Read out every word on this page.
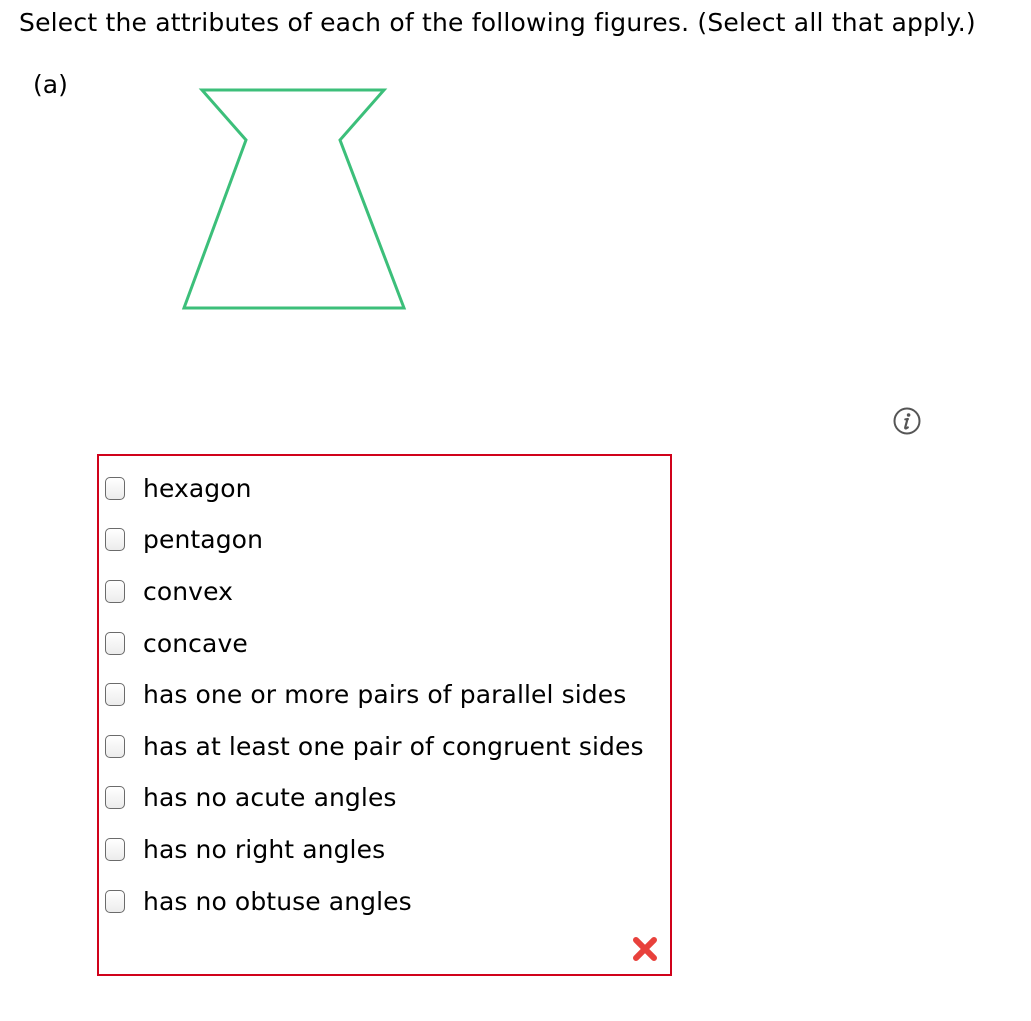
Select the attributes of each of the following figures. (Select all that apply.)
(a)
hexagon
pentagon
convex
concave
has one or more pairs of parallel sides
has at least one pair of congruent sides
has no acute angles
has no right angles
has no obtuse angles
